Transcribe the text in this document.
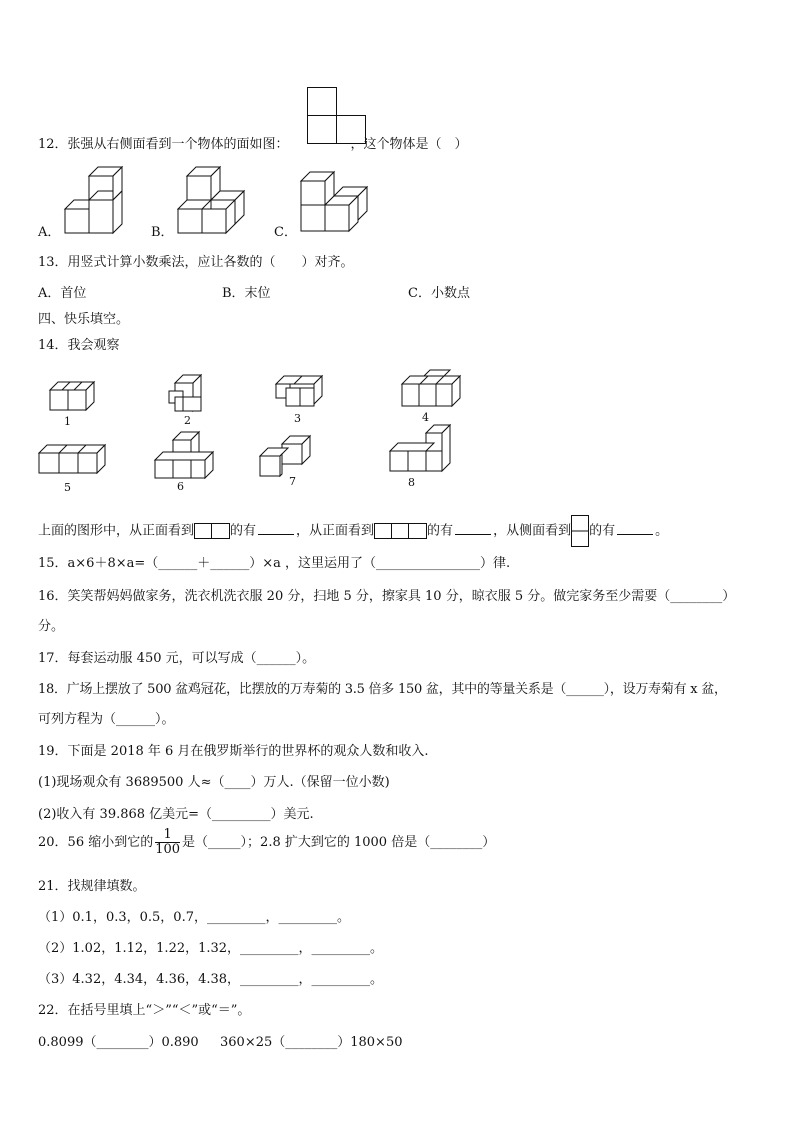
12．张强从右侧面看到一个物体的面如图：	，这个物体是（　）
A．	B．	C．
13．用竖式计算小数乘法，应让各数的（　　）对齐。
A．首位	B．末位	C．小数点
四、快乐填空。
14．我会观察
1	2	3	4
5	6	7	8
上面的图形中，从正面看到	的有	，从正面看到	的有	，从侧面看到 的有	。
15．a×6＋8×a=（______＋______）×a ，这里运用了（________________）律.
16．笑笑帮妈妈做家务，洗衣机洗衣服 20 分，扫地 5 分，擦家具 10 分，晾衣服 5 分。做完家务至少需要（________）
分。
17．每套运动服 450 元，可以写成（______）。
18．广场上摆放了 500 盆鸡冠花，比摆放的万寿菊的 3.5 倍多 150 盆，其中的等量关系是（______），设万寿菊有 x 盆，
可列方程为（______）。
19．下面是 2018 年 6 月在俄罗斯举行的世界杯的观众人数和收入.
(1)现场观众有 3689500 人≈（____）万人.（保留一位小数)
(2)收入有 39.868 亿美元=（_________）美元.
20．56 缩小到它的 $\frac{1}{100}$ 是（_____）；2.8 扩大到它的 1000 倍是（________）
21．找规律填数。
（1）0.1，0.3，0.5，0.7，_________，_________。
（2）1.02，1.12，1.22，1.32，_________，_________。
（3）4.32，4.34，4.36，4.38，_________，_________。
22．在括号里填上“＞”“＜”或“＝”。
0.8099（________）0.890 360×25（________）180×50
